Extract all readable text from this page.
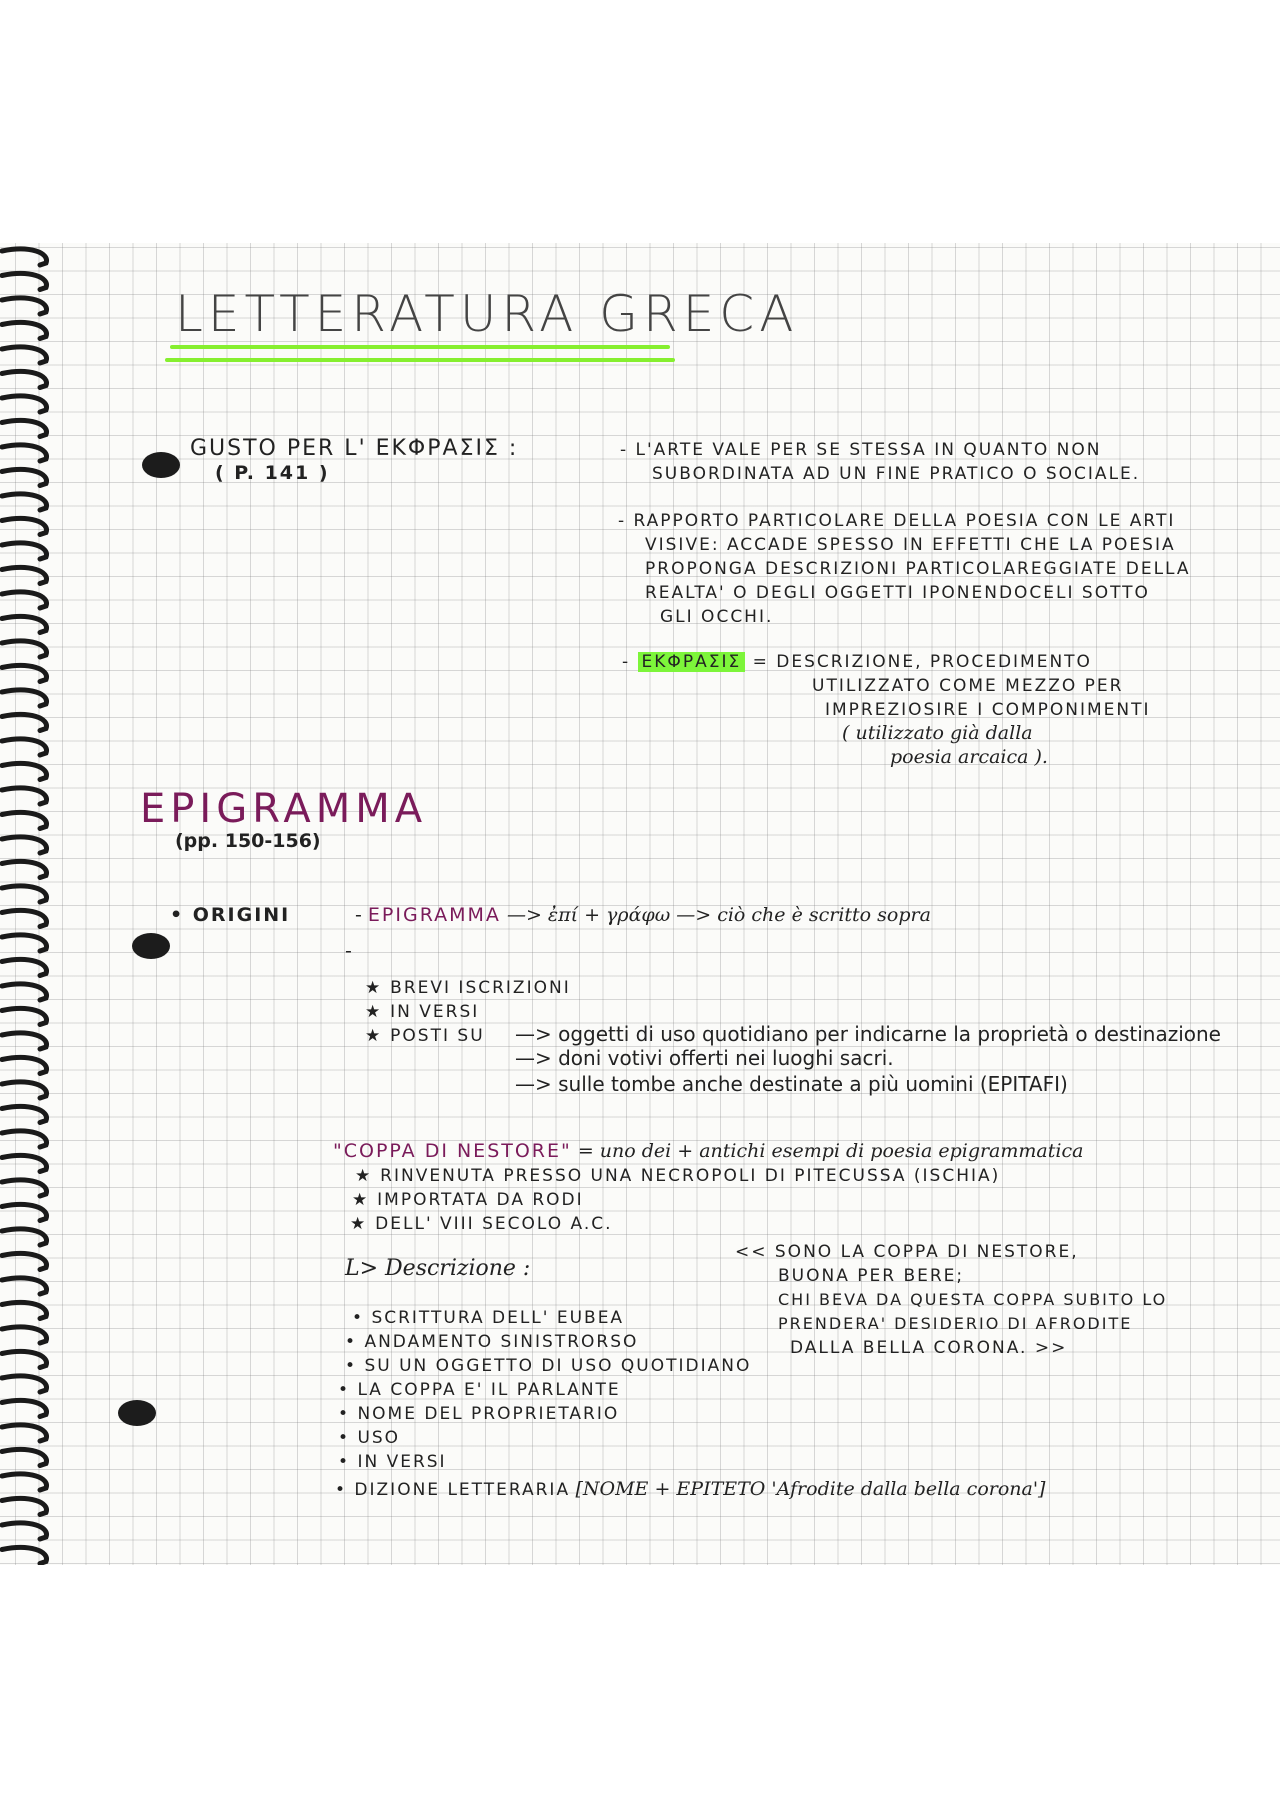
LETTERATURA GRECA
GUSTO PER L' ΕΚΦΡΑΣΙΣ :
( P. 141 )
- L'ARTE VALE PER SE STESSA IN QUANTO NON
SUBORDINATA AD UN FINE PRATICO O SOCIALE.
- RAPPORTO PARTICOLARE DELLA POESIA CON LE ARTI
VISIVE: ACCADE SPESSO IN EFFETTI CHE LA POESIA
PROPONGA DESCRIZIONI PARTICOLAREGGIATE DELLA
REALTA' O DEGLI OGGETTI IPONENDOCELI SOTTO
GLI OCCHI.
- ΕΚΦΡΑΣΙΣ = DESCRIZIONE, PROCEDIMENTO
UTILIZZATO COME MEZZO PER
IMPREZIOSIRE I COMPONIMENTI
( utilizzato già dalla
poesia arcaica ).
EPIGRAMMA
(pp. 150-156)
• ORIGINI	- EPIGRAMMA —> ἐπί + γράφω —> ciò che è scritto sopra
-
★ BREVI ISCRIZIONI
★ IN VERSI
★ POSTI SU —> oggetti di uso quotidiano per indicarne la proprietà o destinazione
—> doni votivi offerti nei luoghi sacri.
—> sulle tombe anche destinate a più uomini (EPITAFI)
"COPPA DI NESTORE" = uno dei + antichi esempi di poesia epigrammatica
★ RINVENUTA PRESSO UNA NECROPOLI DI PITECUSSA (ISCHIA)
★ IMPORTATA DA RODI
★ DELL' VIII SECOLO A.C.
L> Descrizione :
• SCRITTURA DELL' EUBEA
• ANDAMENTO SINISTRORSO
• SU UN OGGETTO DI USO QUOTIDIANO
• LA COPPA E' IL PARLANTE
• NOME DEL PROPRIETARIO
• USO
• IN VERSI
• DIZIONE LETTERARIA [NOME + EPITETO 'Afrodite dalla bella corona']
<< SONO LA COPPA DI NESTORE,
BUONA PER BERE;
CHI BEVA DA QUESTA COPPA SUBITO LO
PRENDERA' DESIDERIO DI AFRODITE
DALLA BELLA CORONA. >>
